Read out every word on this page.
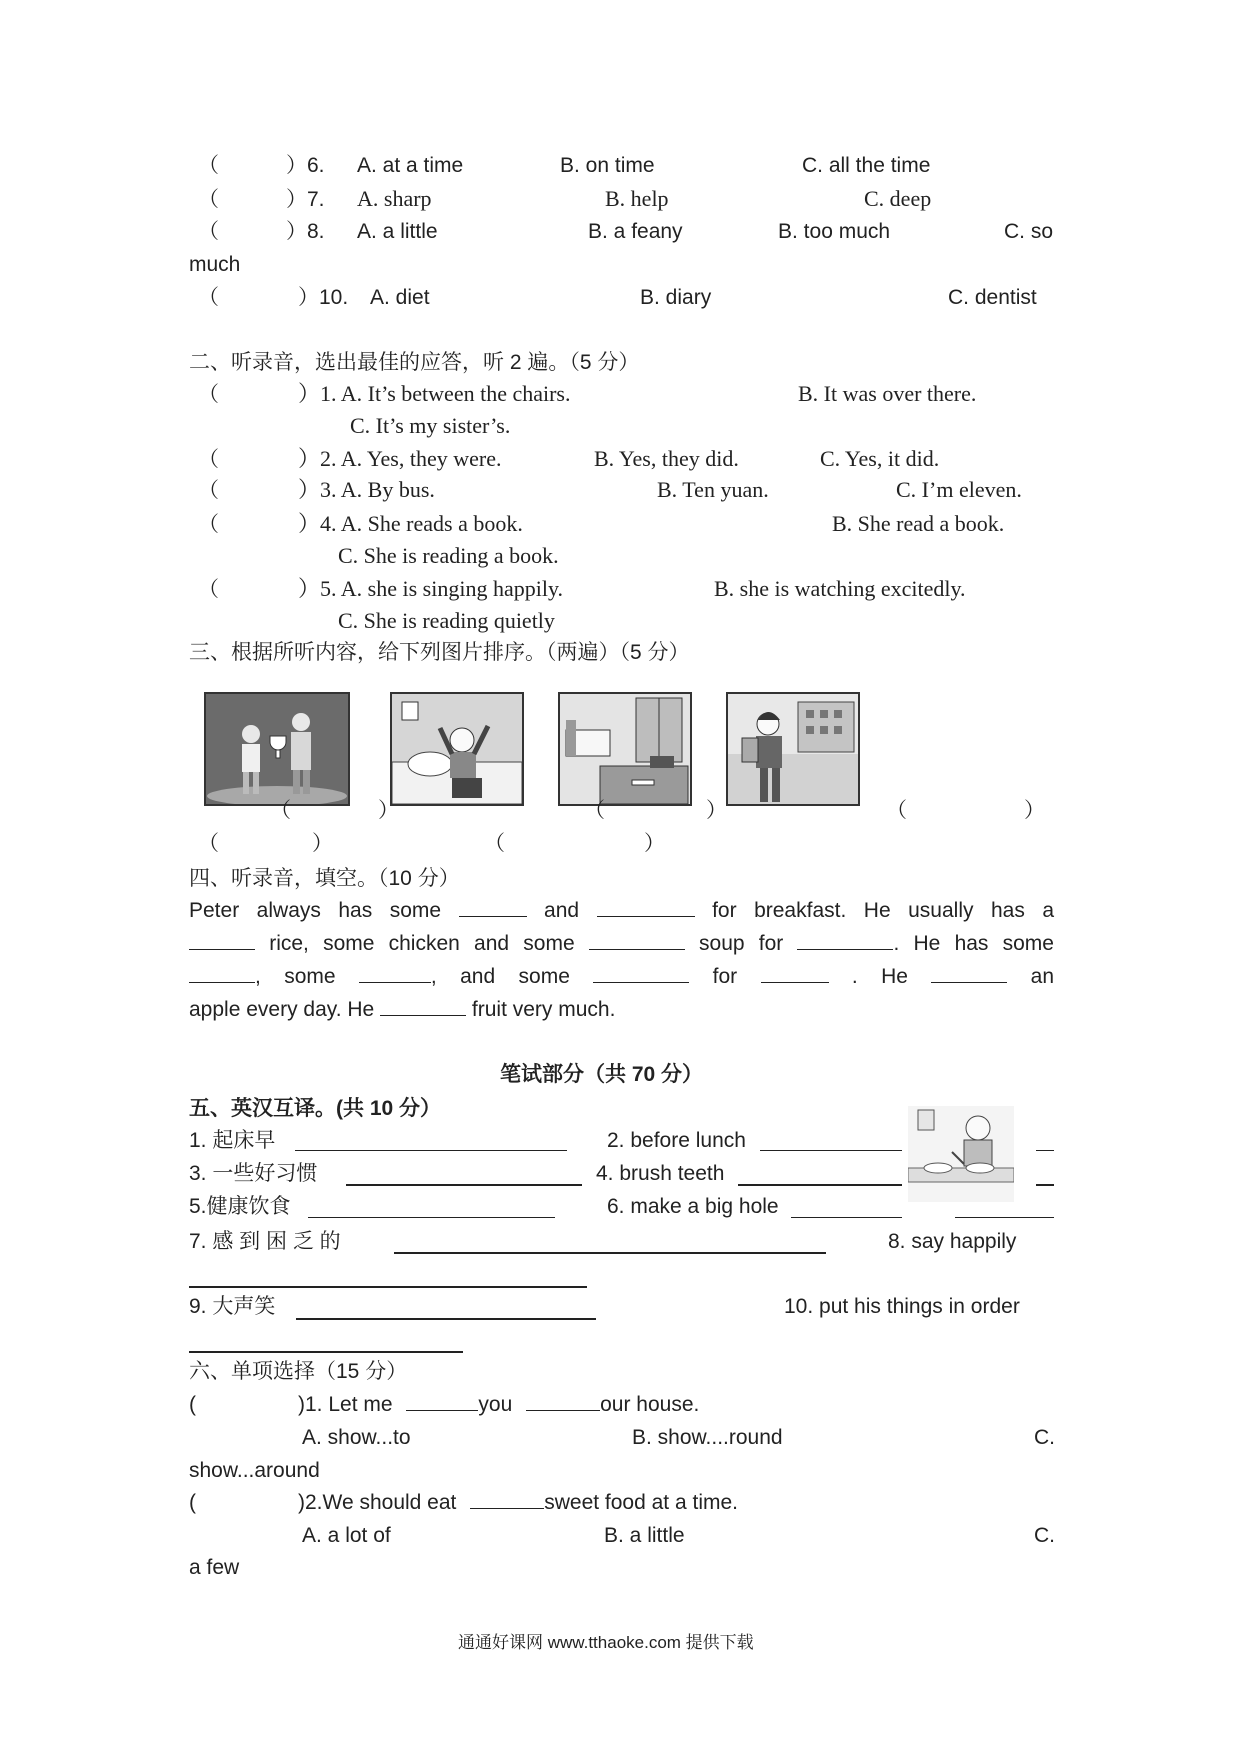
（	）6. A. at a time	B. on time	C. all the time
（	）7. A. sharp	B. help	C. deep
（	）8. A. a little	B. a feany	B. too much	C. so
much
（	）10. A. diet	B. diary	C. dentist
二、听录音，选出最佳的应答，听 2 遍。（5 分）
（	）1. A. It’s between the chairs.	B. It was over there.
C. It’s my sister’s.
（	）2. A. Yes, they were.	B. Yes, they did.	C. Yes, it did.
（	）3. A. By bus.	B. Ten yuan.	C. I’m eleven.
（	）4. A. She reads a book.	B. She read a book.
C. She is reading a book.
（	）5. A. she is singing happily.	B. she is watching excitedly.
C. She is reading quietly
三、根据所听内容，给下列图片排序。（两遍）（5 分）
（	）	（	）	（	）
（	）	（	）
四、听录音，填空。（10 分）
Peter always has some	and	for breakfast. He usually has a
rice, some chicken and some	soup for	. He has some
, some	, and some	for	. He	an
apple every day. He	fruit very much.
笔试部分（共 70 分）
五、英汉互译。(共 10 分）
1. 起床早	2. before lunch
3. 一些好习惯	4. brush teeth
5.健康饮食	6. make a big hole
7. 感 到 困 乏 的	8. say happily
9. 大声笑	10. put his things in order
六、单项选择（15 分）
(	)1. Let me	you	our house.
A. show...to	B. show....round	C.
show...around
(	)2.We should eat	sweet food at a time.
A. a lot of	B. a little	C.
a few
通通好课网 www.tthaoke.com 提供下载
